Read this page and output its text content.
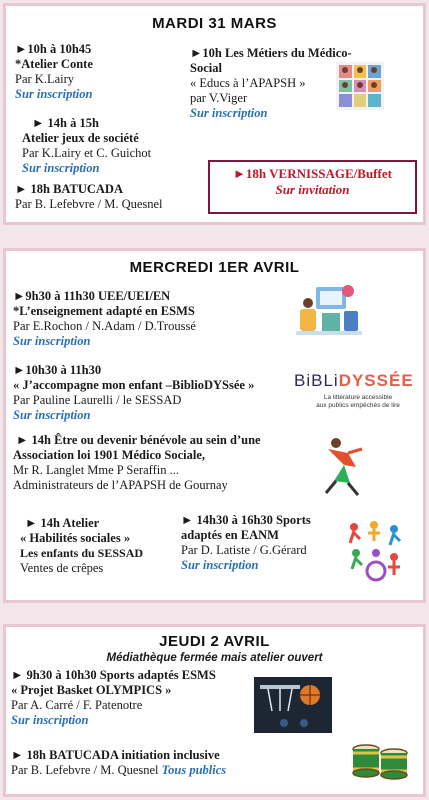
MARDI 31 MARS
►10h à 10h45
*Atelier Conte
Par K.Lairy
Sur inscription
►10h Les Métiers du Médico-
Social
« Educs à l’APAPSH »
par V.Viger
Sur inscription
► 14h à 15h
Atelier jeux de société
Par K.Lairy et C. Guichot
Sur inscription
► 18h BATUCADA
Par B. Lefebvre / M. Quesnel
►18h VERNISSAGE/Buffet
Sur invitation
MERCREDI 1ER AVRIL
►9h30 à 11h30 UEE/UEI/EN
*L’enseignement adapté en ESMS
Par E.Rochon / N.Adam / D.Troussé
Sur inscription
►10h30 à 11h30
« J’accompagne mon enfant –BiblioDYSsée »
Par Pauline Laurelli / le SESSAD
Sur inscription
BiBLiDYSSÉE
La littérature accessible
aux publics empêchés de lire
► 14h Être ou devenir bénévole au sein d’une
Association loi 1901 Médico Sociale,
Mr R. Langlet Mme P Seraffin ...
Administrateurs de l’APAPSH de Gournay
► 14h Atelier
« Habilités sociales »
Les enfants du SESSAD
Ventes de crêpes
► 14h30 à 16h30 Sports
adaptés en EANM
Par D. Latiste / G.Gérard
Sur inscription
JEUDI 2 AVRIL
Médiathèque fermée mais atelier ouvert
► 9h30 à 10h30 Sports adaptés ESMS
« Projet Basket OLYMPICS »
Par A. Carré / F. Patenotre
Sur inscription
► 18h BATUCADA initiation inclusive
Par B. Lefebvre / M. Quesnel Tous publics
